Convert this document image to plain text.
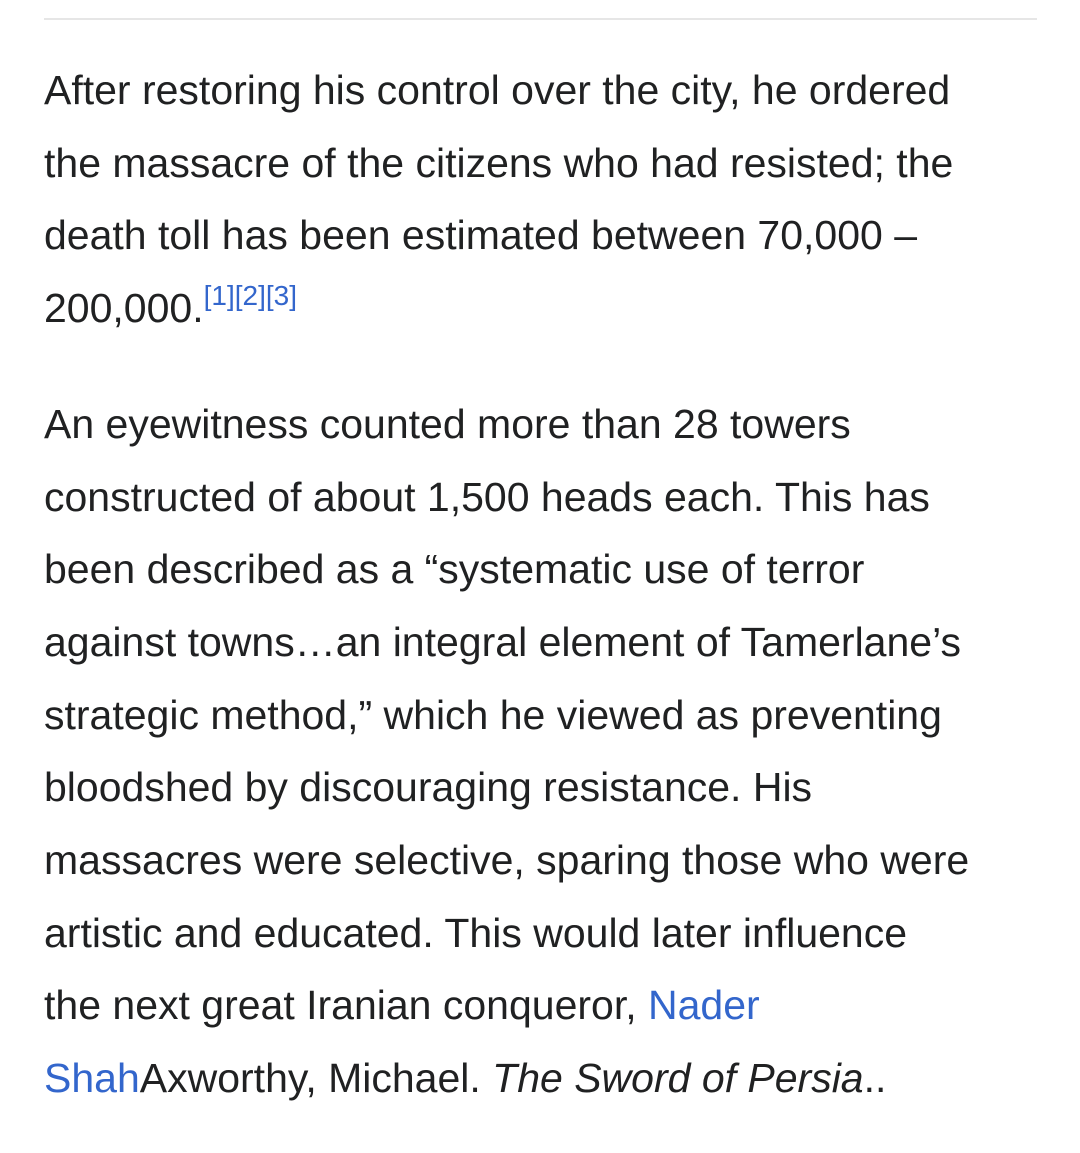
After restoring his control over the city, he ordered
the massacre of the citizens who had resisted; the
death toll has been estimated between 70,000 –
200,000.[1][2][3]

An eyewitness counted more than 28 towers
constructed of about 1,500 heads each. This has
been described as a “systematic use of terror
against towns…an integral element of Tamerlane’s
strategic method,” which he viewed as preventing
bloodshed by discouraging resistance. His
massacres were selective, sparing those who were
artistic and educated. This would later influence
the next great Iranian conqueror, Nader
ShahAxworthy, Michael. The Sword of Persia..
